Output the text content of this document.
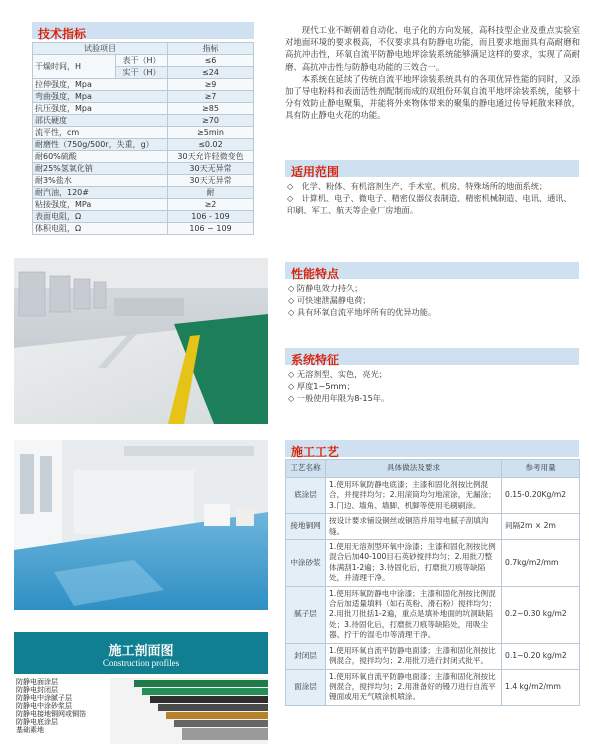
技术指标
试验项目		指标
干燥时间，H	表干（H）	≤6
	实干（H）	≤24
拉伸强度，Mpa		≥9
弯曲强度，Mpa		≥7
抗压强度，Mpa		≥85
邵氏硬度		≥70
流平性，cm		≥5min
耐磨性（750g/500r，失重，g）		≤0.02
耐60%硫酸		30天允许轻微变色
耐25%氢氧化钠		30天无异常
耐3%盐水		30天无异常
耐汽油，120#		耐
粘接强度，MPa		≥2
表面电阻，Ω		106 - 109
体积电阻，Ω		106 ~ 109

现代工业不断朝着自动化、电子化的方向发展，高科技型企业及重点实验室对地面环境的要求极高，不仅要求具有防静电功能，而且要求地面具有高耐磨和高抗冲击性，环氧自流平防静电地坪涂装系统能够满足这样的要求，实现了高耐磨、高抗冲击性与防静电功能的三效合一。

本系统在延续了传统自流平地坪涂装系统具有的各项优异性能的同时，又添加了导电粉料和表面活性剂配制而成的双组份环氧自流平地坪涂装系统，能够十分有效防止静电聚集，并能将外来物体带来的聚集的静电通过传导耗散来释放，具有防止静电火花的功能。

适用范围
◇　化学、粉体、有机溶剂生产、手术室、机房、特殊场所的地面系统；
◇　计算机、电子、微电子、精密仪器仪表制造、精密机械制造、电讯、通讯、印刷、军工、航天等企业厂房地面。
性能特点
◇ 防静电效力持久；
◇ 可快速泄漏静电荷；
◇ 具有环氧自流平地坪所有的优异功能。
系统特征
◇ 无溶剂型、实色，亮光；
◇ 厚度1~5mm；
◇ 一般使用年限为8-15年。
施工剖面图
Construction profiles
防静电面涂层
防静电封闭层
防静电中涂腻子层
防静电中涂砂浆层
防静电接地铜网或铜箔
防静电底涂层
基础素地
施工工艺
工艺名称	具体做法及要求	参考用量
底涂层	1.使用环氧防静电底漆；主漆和固化剂按比例混合，并搅拌均匀；2.用滚筒均匀地滚涂，无漏涂；3.门边、墙角、墙脚、机脚等使用毛刷刷涂。	0.15-0.20Kg/m2
接地铜网	按设计要求铺设铜丝或铜箔并用导电腻子刮填沟缝。	间隔2m × 2m
中涂砂浆	1.使用无溶剂型环氧中涂漆；主漆和固化剂按比例混合后加40-100目石英砂搅拌均匀；2.用批刀整体满刮1-2遍；3.待固化后，打磨批刀痕等缺陷处，并清理干净。	0.7kg/m2/mm
腻子层	1.使用环氧防静电中涂漆；主漆和固化剂按比例混合后加适量填料（如石英粉、滑石粉）搅拌均匀；2.用批刀批括1-2遍，重点是填补地面的坑洞缺陷处；3.待固化后，打磨批刀痕等缺陷处，用吸尘器、拧干的湿毛巾等清理干净。	0.2~0.30 kg/m2
封闭层	1.使用环氧自流平防静电面漆；主漆和固化剂按比例混合，搅拌均匀；2.用批刀进行封闭式批平。	0.1~0.20 kg/m2
面涂层	1.使用环氧自流平防静电面漆；主漆和固化剂按比例混合，搅拌均匀；2.用准备好的镘刀进行自流平镘面或用无气喷涂机喷涂。	1.4 kg/m2/mm
